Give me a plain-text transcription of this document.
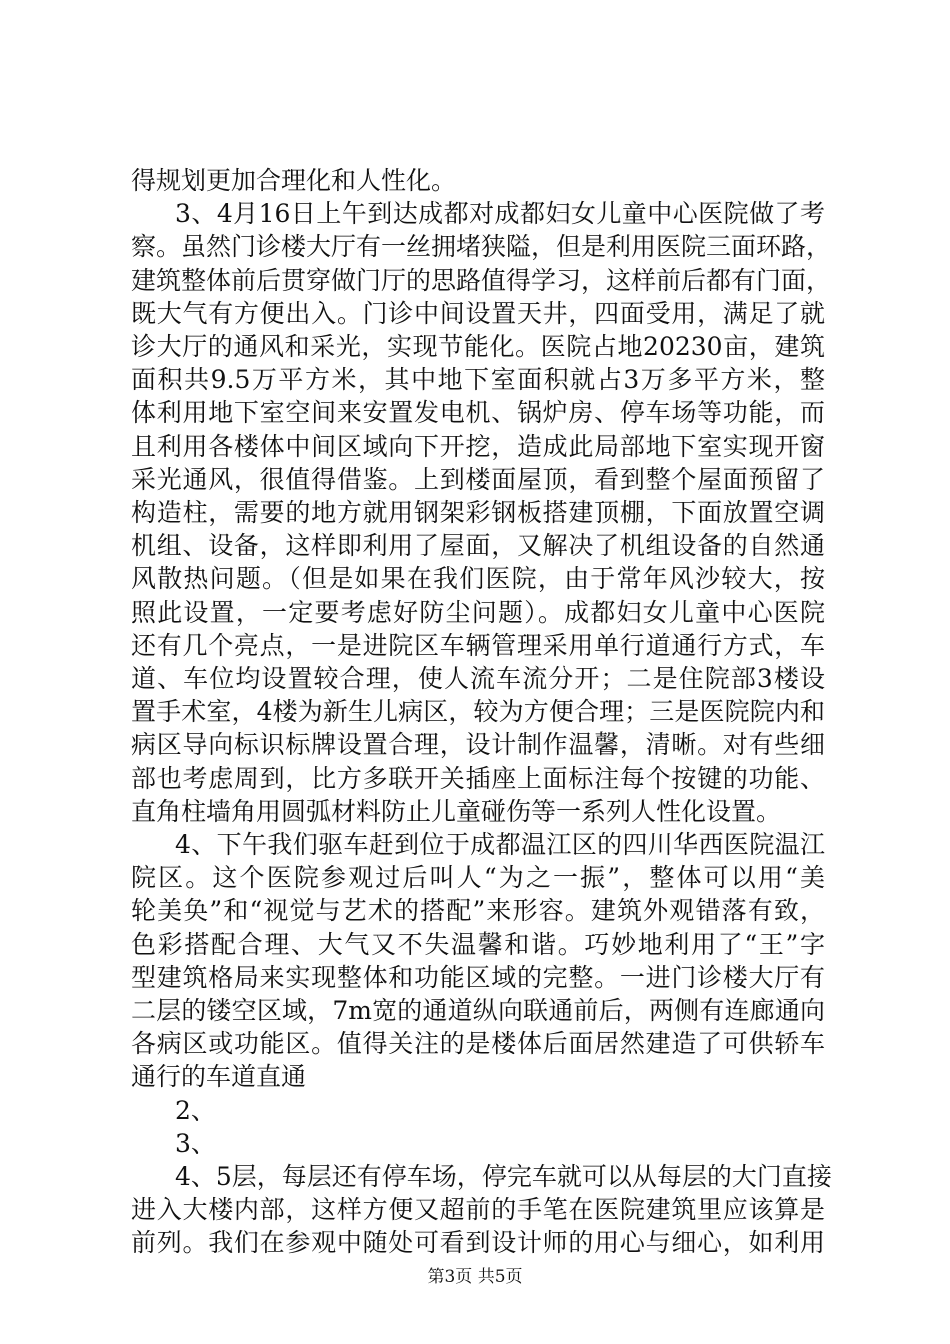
得规划更加合理化和人性化。
3、4月16日上午到达成都对成都妇女儿童中心医院做了考
察。虽然门诊楼大厅有一丝拥堵狭隘，但是利用医院三面环路，
建筑整体前后贯穿做门厅的思路值得学习，这样前后都有门面，
既大气有方便出入。门诊中间设置天井，四面受用，满足了就
诊大厅的通风和采光，实现节能化。医院占地20230亩，建筑
面积共9.5万平方米，其中地下室面积就占3万多平方米，整
体利用地下室空间来安置发电机、锅炉房、停车场等功能，而
且利用各楼体中间区域向下开挖，造成此局部地下室实现开窗
采光通风，很值得借鉴。上到楼面屋顶，看到整个屋面预留了
构造柱，需要的地方就用钢架彩钢板搭建顶棚，下面放置空调
机组、设备，这样即利用了屋面，又解决了机组设备的自然通
风散热问题。（但是如果在我们医院，由于常年风沙较大，按
照此设置，一定要考虑好防尘问题）。成都妇女儿童中心医院
还有几个亮点，一是进院区车辆管理采用单行道通行方式，车
道、车位均设置较合理，使人流车流分开；二是住院部3楼设
置手术室，4楼为新生儿病区，较为方便合理；三是医院院内和
病区导向标识标牌设置合理，设计制作温馨，清晰。对有些细
部也考虑周到，比方多联开关插座上面标注每个按键的功能、
直角柱墙角用圆弧材料防止儿童碰伤等一系列人性化设置。
4、下午我们驱车赶到位于成都温江区的四川华西医院温江
院区。这个医院参观过后叫人“为之一振”，整体可以用“美
轮美奂”和“视觉与艺术的搭配”来形容。建筑外观错落有致，
色彩搭配合理、大气又不失温馨和谐。巧妙地利用了“王”字
型建筑格局来实现整体和功能区域的完整。一进门诊楼大厅有
二层的镂空区域，7m宽的通道纵向联通前后，两侧有连廊通向
各病区或功能区。值得关注的是楼体后面居然建造了可供轿车
通行的车道直通
2、
3、
4、5层，每层还有停车场，停完车就可以从每层的大门直接
进入大楼内部，这样方便又超前的手笔在医院建筑里应该算是
前列。我们在参观中随处可看到设计师的用心与细心，如利用
第3页 共5页
